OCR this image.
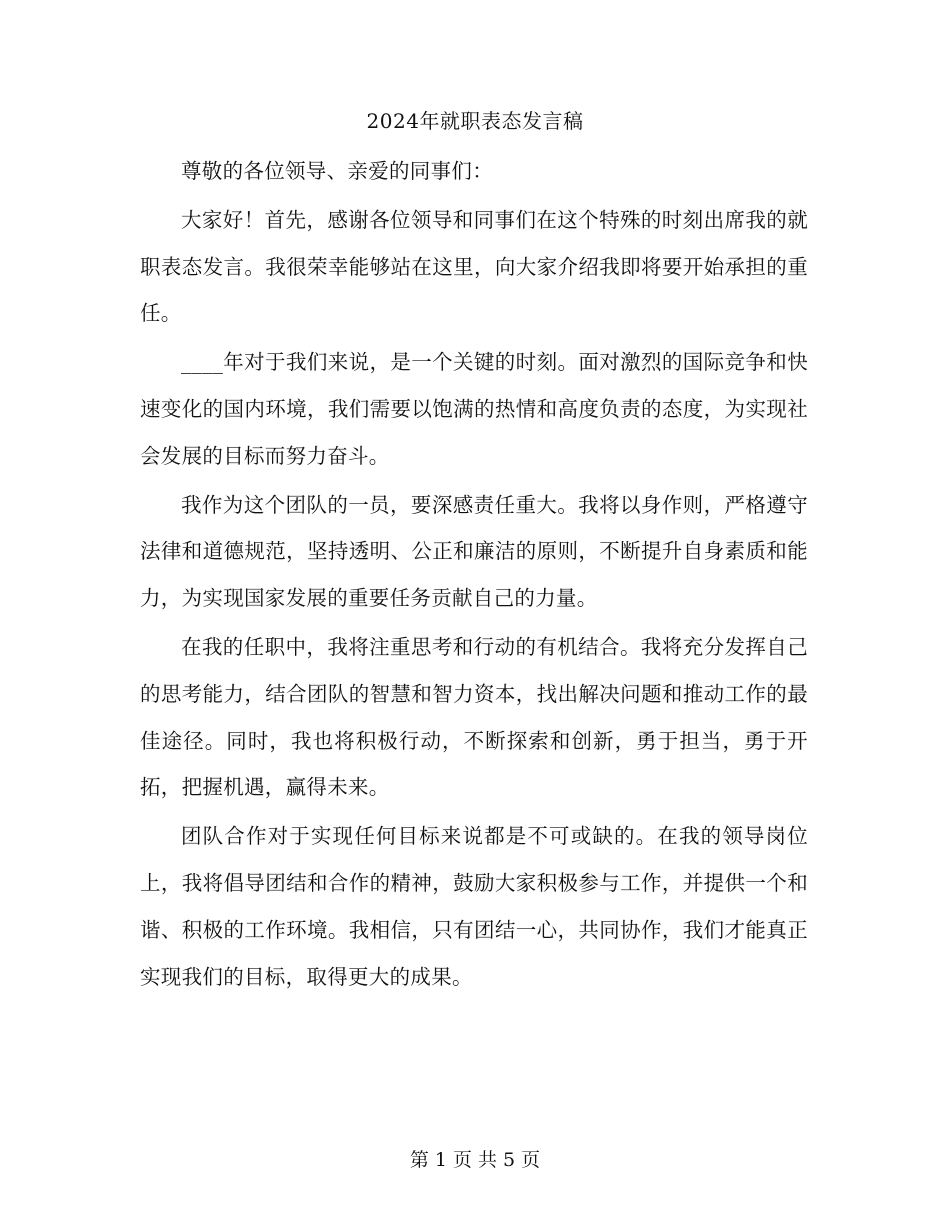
2024年就职表态发言稿

尊敬的各位领导、亲爱的同事们：

大家好！首先，感谢各位领导和同事们在这个特殊的时刻出席我的就职表态发言。我很荣幸能够站在这里，向大家介绍我即将要开始承担的重任。

____年对于我们来说，是一个关键的时刻。面对激烈的国际竞争和快速变化的国内环境，我们需要以饱满的热情和高度负责的态度，为实现社会发展的目标而努力奋斗。

我作为这个团队的一员，要深感责任重大。我将以身作则，严格遵守法律和道德规范，坚持透明、公正和廉洁的原则，不断提升自身素质和能力，为实现国家发展的重要任务贡献自己的力量。

在我的任职中，我将注重思考和行动的有机结合。我将充分发挥自己的思考能力，结合团队的智慧和智力资本，找出解决问题和推动工作的最佳途径。同时，我也将积极行动，不断探索和创新，勇于担当，勇于开拓，把握机遇，赢得未来。

团队合作对于实现任何目标来说都是不可或缺的。在我的领导岗位上，我将倡导团结和合作的精神，鼓励大家积极参与工作，并提供一个和谐、积极的工作环境。我相信，只有团结一心，共同协作，我们才能真正实现我们的目标，取得更大的成果。

第 1 页 共 5 页
